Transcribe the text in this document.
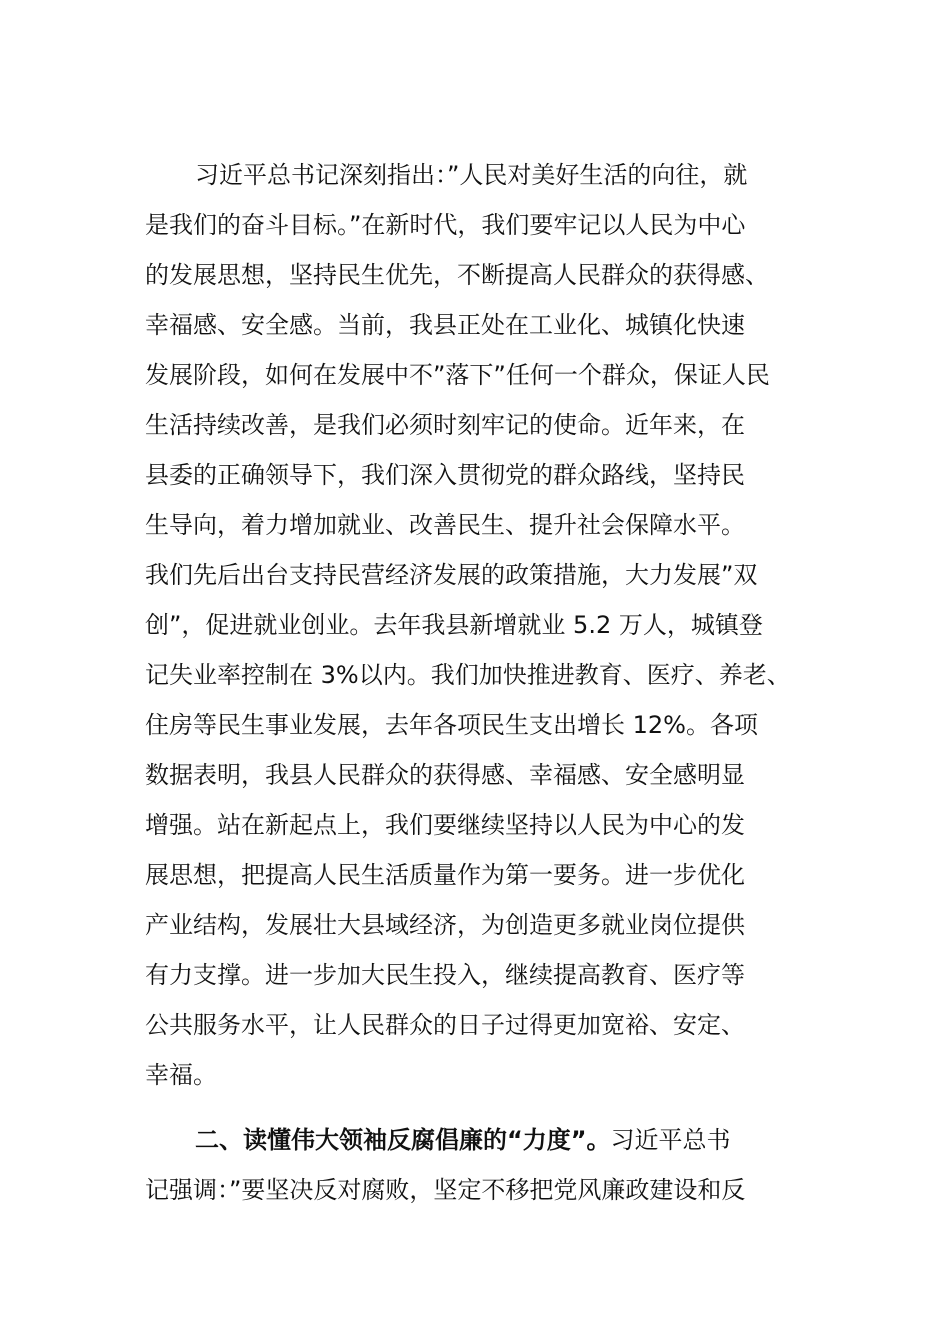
习近平总书记深刻指出：”人民对美好生活的向往，就
是我们的奋斗目标。”在新时代，我们要牢记以人民为中心
的发展思想，坚持民生优先，不断提高人民群众的获得感、
幸福感、安全感。当前，我县正处在工业化、城镇化快速
发展阶段，如何在发展中不”落下”任何一个群众，保证人民
生活持续改善，是我们必须时刻牢记的使命。近年来，在
县委的正确领导下，我们深入贯彻党的群众路线，坚持民
生导向，着力增加就业、改善民生、提升社会保障水平。
我们先后出台支持民营经济发展的政策措施，大力发展”双
创”，促进就业创业。去年我县新增就业 5.2 万人，城镇登
记失业率控制在 3%以内。我们加快推进教育、医疗、养老、
住房等民生事业发展，去年各项民生支出增长 12%。各项
数据表明，我县人民群众的获得感、幸福感、安全感明显
增强。站在新起点上，我们要继续坚持以人民为中心的发
展思想，把提高人民生活质量作为第一要务。进一步优化
产业结构，发展壮大县域经济，为创造更多就业岗位提供
有力支撑。进一步加大民生投入，继续提高教育、医疗等
公共服务水平，让人民群众的日子过得更加宽裕、安定、
幸福。
二、读懂伟大领袖反腐倡廉的“力度”。习近平总书
记强调：”要坚决反对腐败，坚定不移把党风廉政建设和反
